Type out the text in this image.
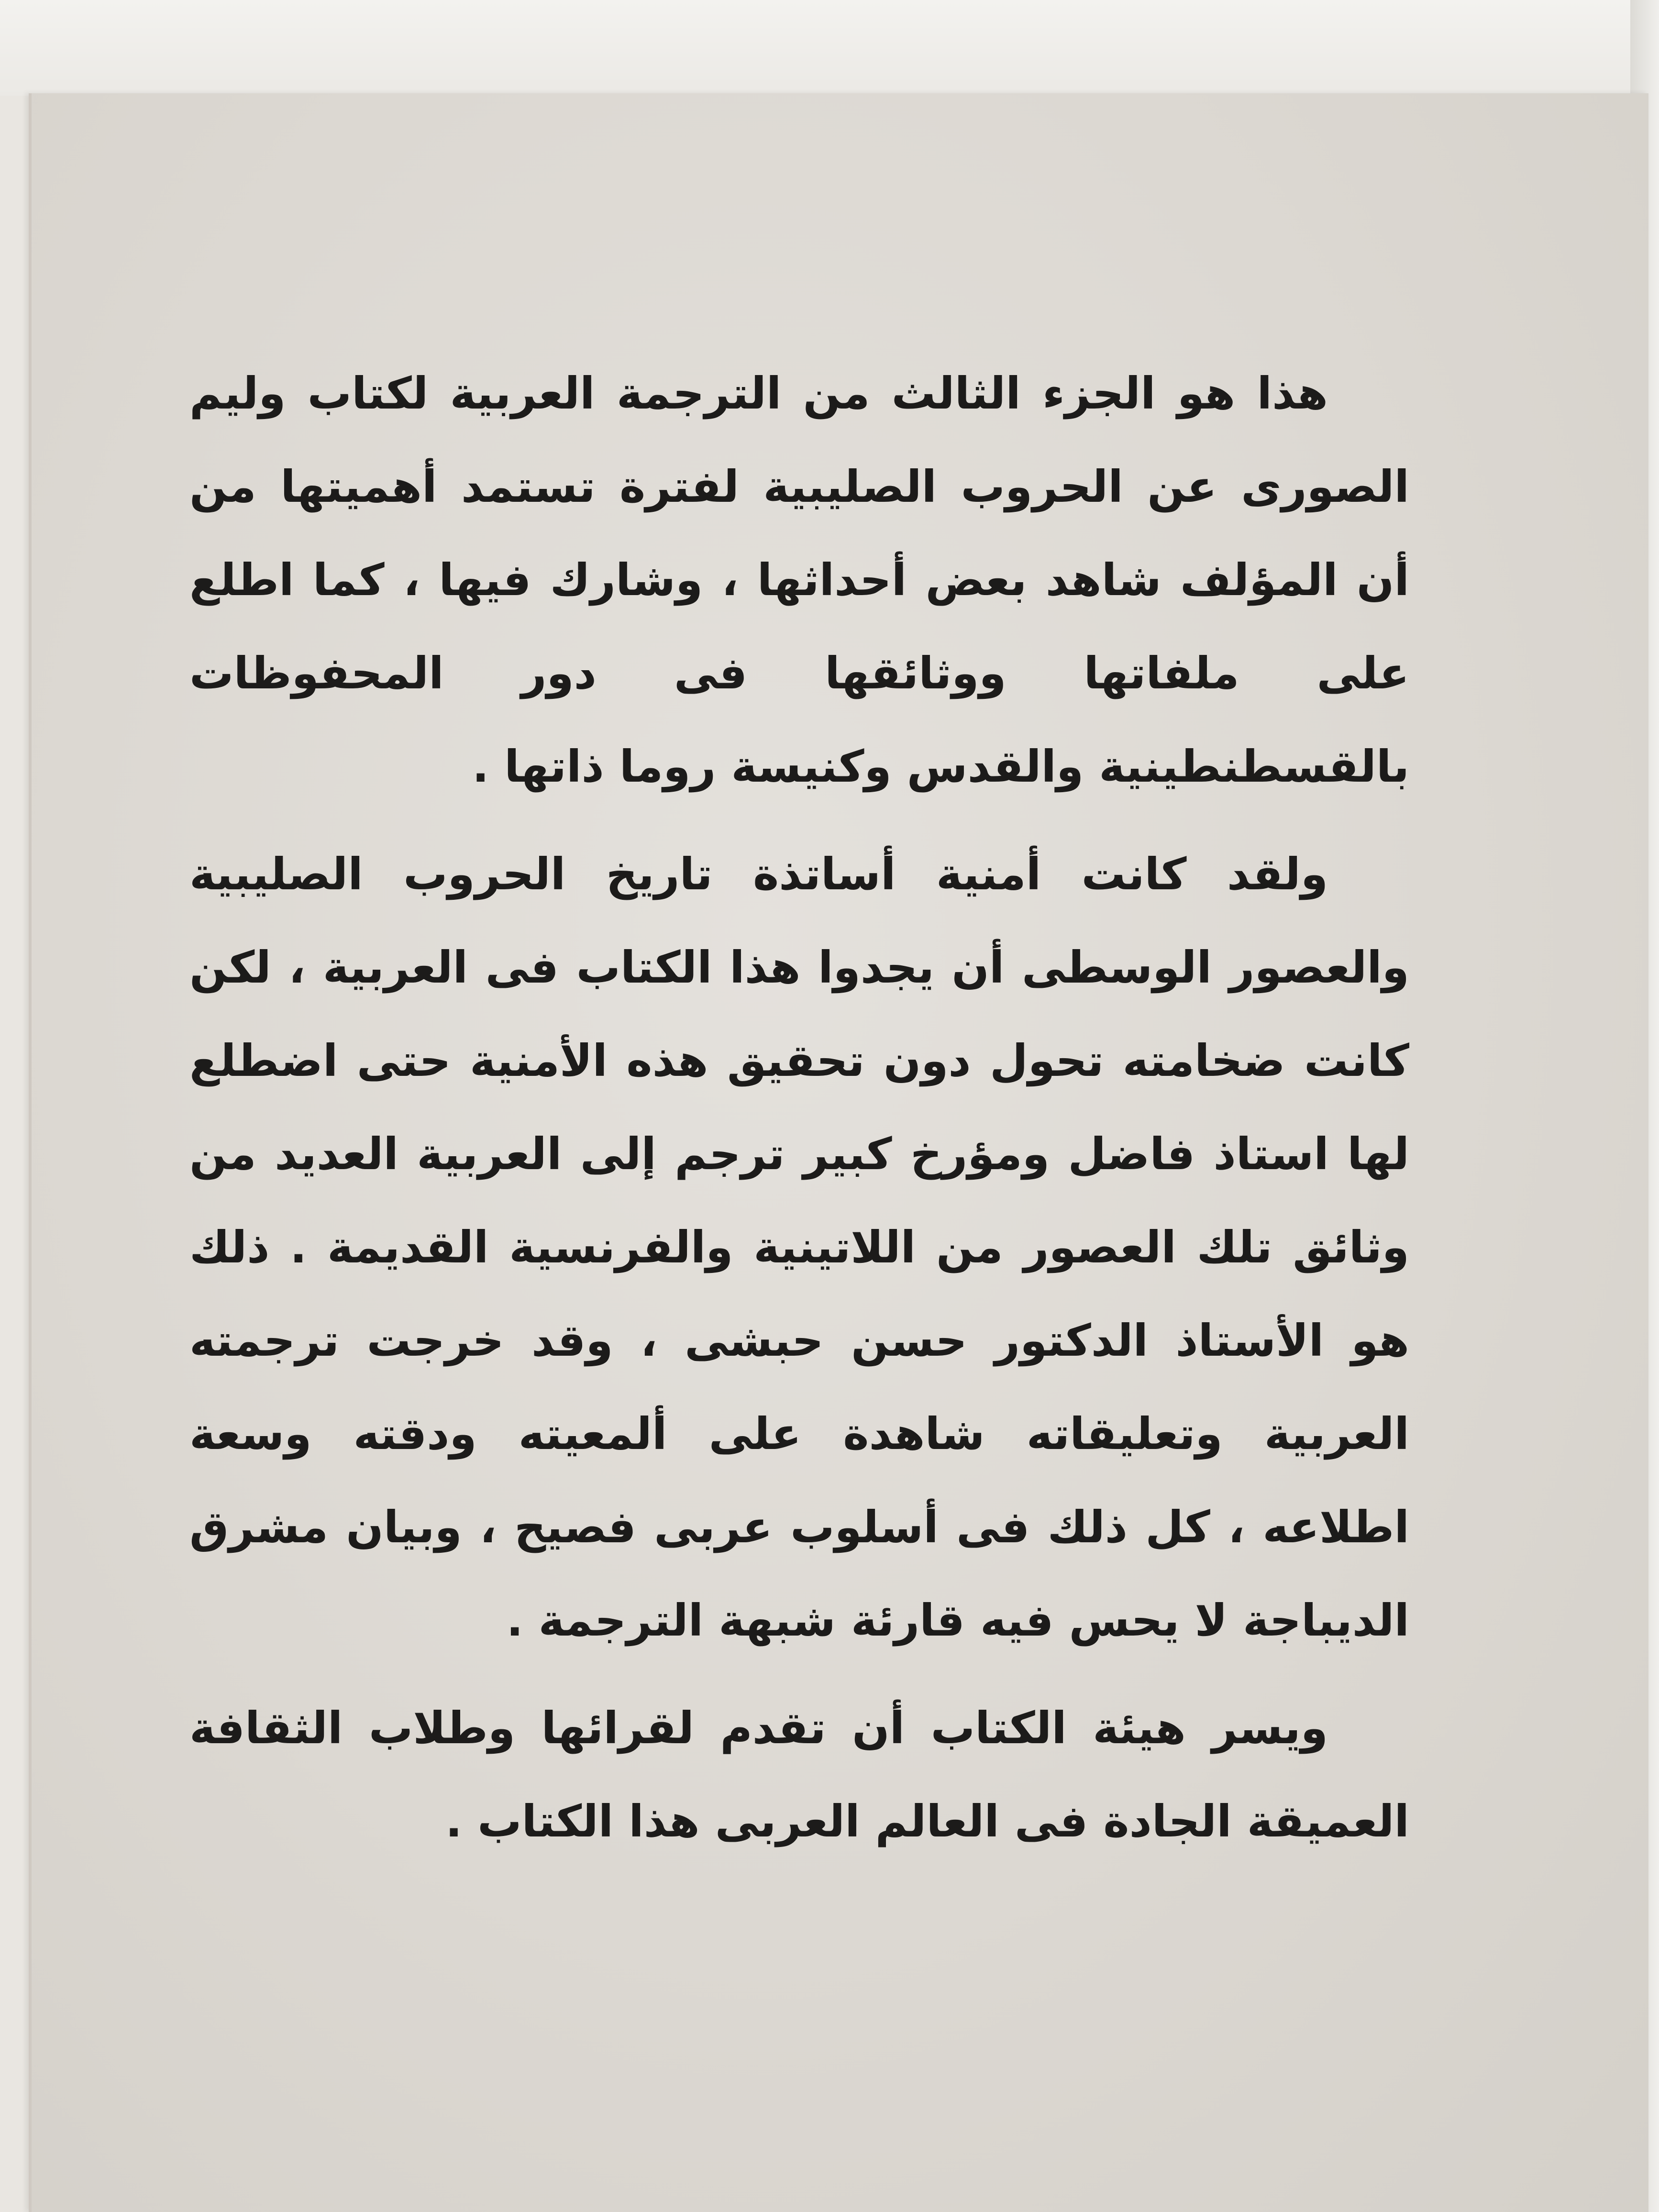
هذا هو الجزء الثالث من الترجمة العربية لكتاب وليم الصورى عن الحروب الصليبية لفترة تستمد أهميتها من أن المؤلف شاهد بعض أحداثها ، وشارك فيها ، كما اطلع على ملفاتها ووثائقها فى دور المحفوظات بالقسطنطينية والقدس وكنيسة روما ذاتها .

ولقد كانت أمنية أساتذة تاريخ الحروب الصليبية والعصور الوسطى أن يجدوا هذا الكتاب فى العربية ، لكن كانت ضخامته تحول دون تحقيق هذه الأمنية حتى اضطلع لها استاذ فاضل ومؤرخ كبير ترجم إلى العربية العديد من وثائق تلك العصور من اللاتينية والفرنسية القديمة . ذلك هو الأستاذ الدكتور حسن حبشى ، وقد خرجت ترجمته العربية وتعليقاته شاهدة على ألمعيته ودقته وسعة اطلاعه ، كل ذلك فى أسلوب عربى فصيح ، وبيان مشرق الديباجة لا يحس فيه قارئة شبهة الترجمة .

ويسر هيئة الكتاب أن تقدم لقرائها وطلاب الثقافة العميقة الجادة فى العالم العربى هذا الكتاب .
